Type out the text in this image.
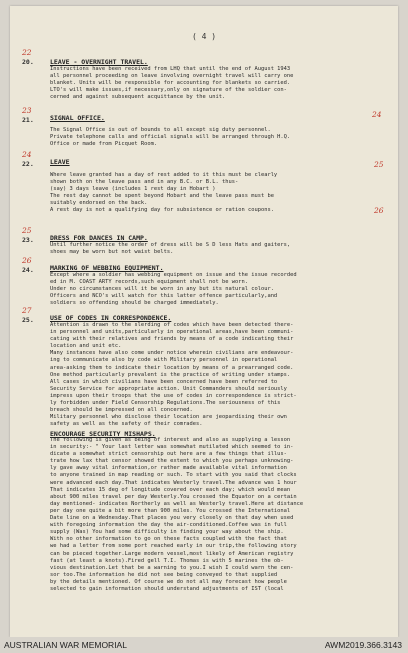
( 4 )
22
20.	LEAVE - OVERNIGHT TRAVEL.
Instructions have been received from LHQ that until the end of August 1943
all personnel proceeding on leave involving overnight travel will carry one
blanket. Units will be responsible for accounting for blankets so carried.
LTO's will make issues,if necessary,only on signature of the soldier con-
cerned and against subsequent acquittance by the unit.
23
21.	SIGNAL OFFICE.
The Signal Office is out of bounds to all except sig duty personnel.
Private telephone calls and official signals will be arranged through H.Q.
Office or made from Picquet Room.
24
22.	LEAVE
Where leave granted has a day of rest added to it this must be clearly
shown both on the leave pass and in any B.C. or B.L. thus-
(say) 3 days leave (includes 1 rest day in Hobart )
The rest day cannot be spent beyond Hobart and the leave pass must be
suitably endorsed on the back.
A rest day is not a qualifying day for subsistence or ration coupons.
25
23.	DRESS FOR DANCES IN CAMP.
Until further notice the order of dress will be S D less Hats and gaiters,
shoes may be worn but not waist belts.
26
24.	MARKING OF WEBBING EQUIPMENT.
Except where a soldier has webbing equipment on issue and the issue recorded
ed in M. COAST ARTY records,such equipment shall not be worn.
Under no circumstances will it be worn in any but its natural colour.
Officers and NCO's will watch for this latter offence particularly,and
soldiers so offending should be charged immediately.
27
25.	USE OF CODES IN CORRESPONDENCE.
Attention is drawn to the slerding of codes which have been detected there-
in personnel and units,particularly in operational areas,have been communi-
cating with their relatives and friends by means of a code indicating their
location and unit etc.
Many instances have also come under notice wherein civilians are endeavour-
ing to communicate also by code with Military personnel in operational
area-asking them to indicate their location by means of a prearranged code.
One method particularly prevalent is the practice of writing under stamps.
All cases in which civilians have been concerned have been referred to
Security Service for appropriate action. Unit Commanders should seriously
impress upon their troops that the use of codes in correspondence is strict-
ly forbidden under Field Censorship Regulations.The seriousness of this
breach should be impressed on all concerned.
Military personnel who disclose their location are jeopardising their own
safety as well as the safety of their comrades.
ENCOURAGE SECURITY MISHAPS.
The following is given as being of interest and also as supplying a lesson
in security:- " Your last letter was somewhat mutilated which seemed to in-
dicate a somewhat strict censorship out here are a few things that illus-
trate how lax that censor showed the extent to which you perhaps unknowing-
ly gave away vital information,or rather made available vital information
to anyone trained in map reading or such. To start with you said that clocks
were advanced each day.That indicates Westerly travel.The advance was 1 hour
That indicates 15 deg of longitude covered over each day; which would mean
about 900 miles travel per day Westerly.You crossed the Equator on a certain
day mentioned- indicates Northerly as well as Westerly travel.Here at distance
per day one quite a bit more than 900 miles. You crossed the International
Date line on a Wednesday.That places you very closely on that day when used
with foregoing information the day the air-conditioned.Coffee was in full
supply (Was) You had some difficulty in finding your way about the ship.
With no other information to go on these facts coupled with the fact that
we had a letter from some port reached early in our trip,the following story
can be pieced together.Large modern vessel,most likely of American registry
fast (at least a knots).Fired gell T.I. Thomas is with 5 marines the ob-
vious destination.Let that be a warning to you.I wish I could warn the cen-
sor too.The information he did not see being conveyed to that supplied
by the details mentioned. Of course we do not all may forecast how people
selected to gain information should understand adjustments of IST (local
24
25
26
AUSTRALIAN WAR MEMORIAL	AWM2019.366.3143
